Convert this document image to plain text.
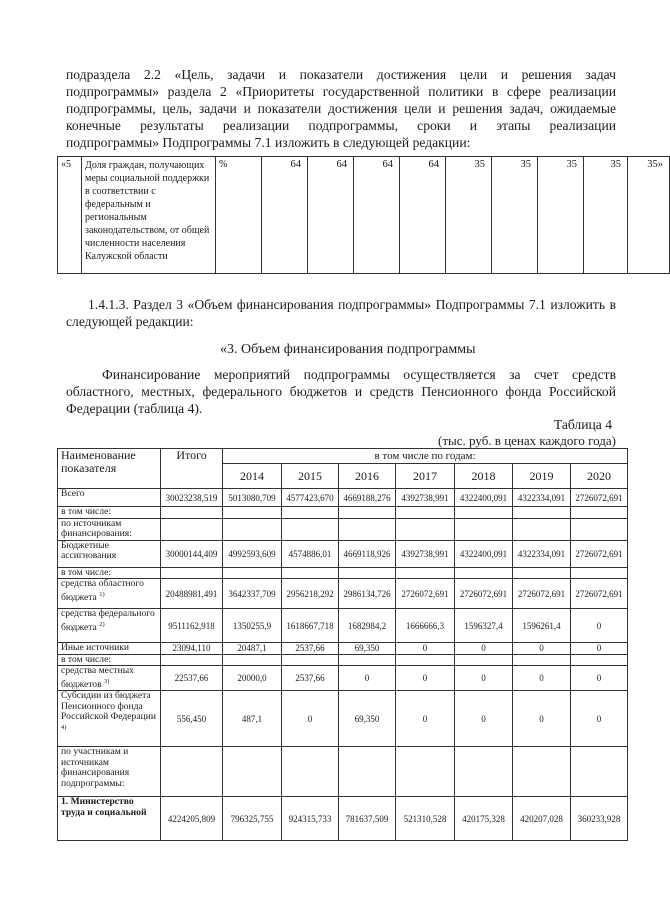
подраздела 2.2 «Цель, задачи и показатели достижения цели и решения задач
подпрограммы» раздела 2 «Приоритеты государственной политики в сфере реализации
подпрограммы, цель, задачи и показатели достижения цели и решения задач, ожидаемые
конечные результаты реализации подпрограммы, сроки и этапы реализации
подпрограммы» Подпрограммы 7.1 изложить в следующей редакции:
«5	Доля граждан, получающих меры социальной поддержки в соответствии с федеральным и региональным законодательством, от общей численности населения Калужской области	%	64	64	64	64	35	35	35	35	35»

1.4.1.3. Раздел 3 «Объем финансирования подпрограммы» Подпрограммы 7.1 изложить в следующей редакции:

«3. Объем финансирования подпрограммы

Финансирование мероприятий подпрограммы осуществляется за счет средств областного, местных, федерального бюджетов и средств Пенсионного фонда Российской Федерации (таблица 4).

Таблица 4

(тыс. руб. в ценах каждого года)

Наименование показателя	Итого	в том числе по годам:						
		2014	2015	2016	2017	2018	2019	2020
Всего	30023238,519	5013080,709	4577423,670	4669188,276	4392738,991	4322400,091	4322334,091	2726072,691
в том числе:								
по источникам финансирования:								
Бюджетные ассигнования	30000144,409	4992593,609	4574886,01	4669118,926	4392738,991	4322400,091	4322334,091	2726072,691
в том числе:								
средства областного бюджета $^{1)}$	20488981,491	3642337,709	2956218,292	2986134,726	2726072,691	2726072,691	2726072,691	2726072,691
средства федерального бюджета $^{2)}$	9511162,918	1350255,9	1618667,718	1682984,2	1666666,3	1596327,4	1596261,4	0
Иные источники	23094,110	20487,1	2537,66	69,350	0	0	0	0
в том числе:								
средства местных бюджетов $^{3)}$	22537,66	20000,0	2537,66	0	0	0	0	0
Субсидии из бюджета Пенсионного фонда Российской Федерации $^{4)}$	556,450	487,1	0	69,350	0	0	0	0
по участникам и источникам финансирования подпрограммы:								
1. Министерство труда и социальной	4224205,809	796325,755	924315,733	781637,509	521310,528	420175,328	420207,028	360233,928
